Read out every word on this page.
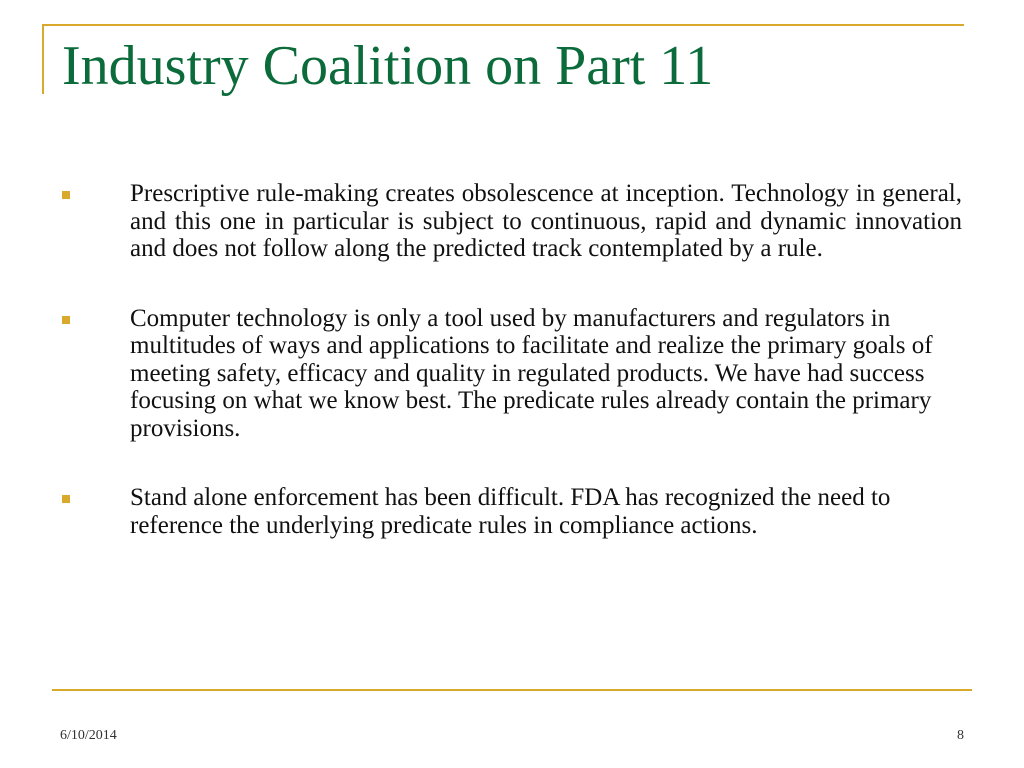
Industry Coalition on Part 11
Prescriptive rule-making creates obsolescence at inception. Technology in general, and this one in particular is subject to continuous, rapid and dynamic innovation and does not follow along the predicted track contemplated by a rule.
Computer technology is only a tool used by manufacturers and regulators in multitudes of ways and applications to facilitate and realize the primary goals of meeting safety, efficacy and quality in regulated products. We have had success focusing on what we know best. The predicate rules already contain the primary provisions.
Stand alone enforcement has been difficult. FDA has recognized the need to reference the underlying predicate rules in compliance actions.
6/10/2014	8
